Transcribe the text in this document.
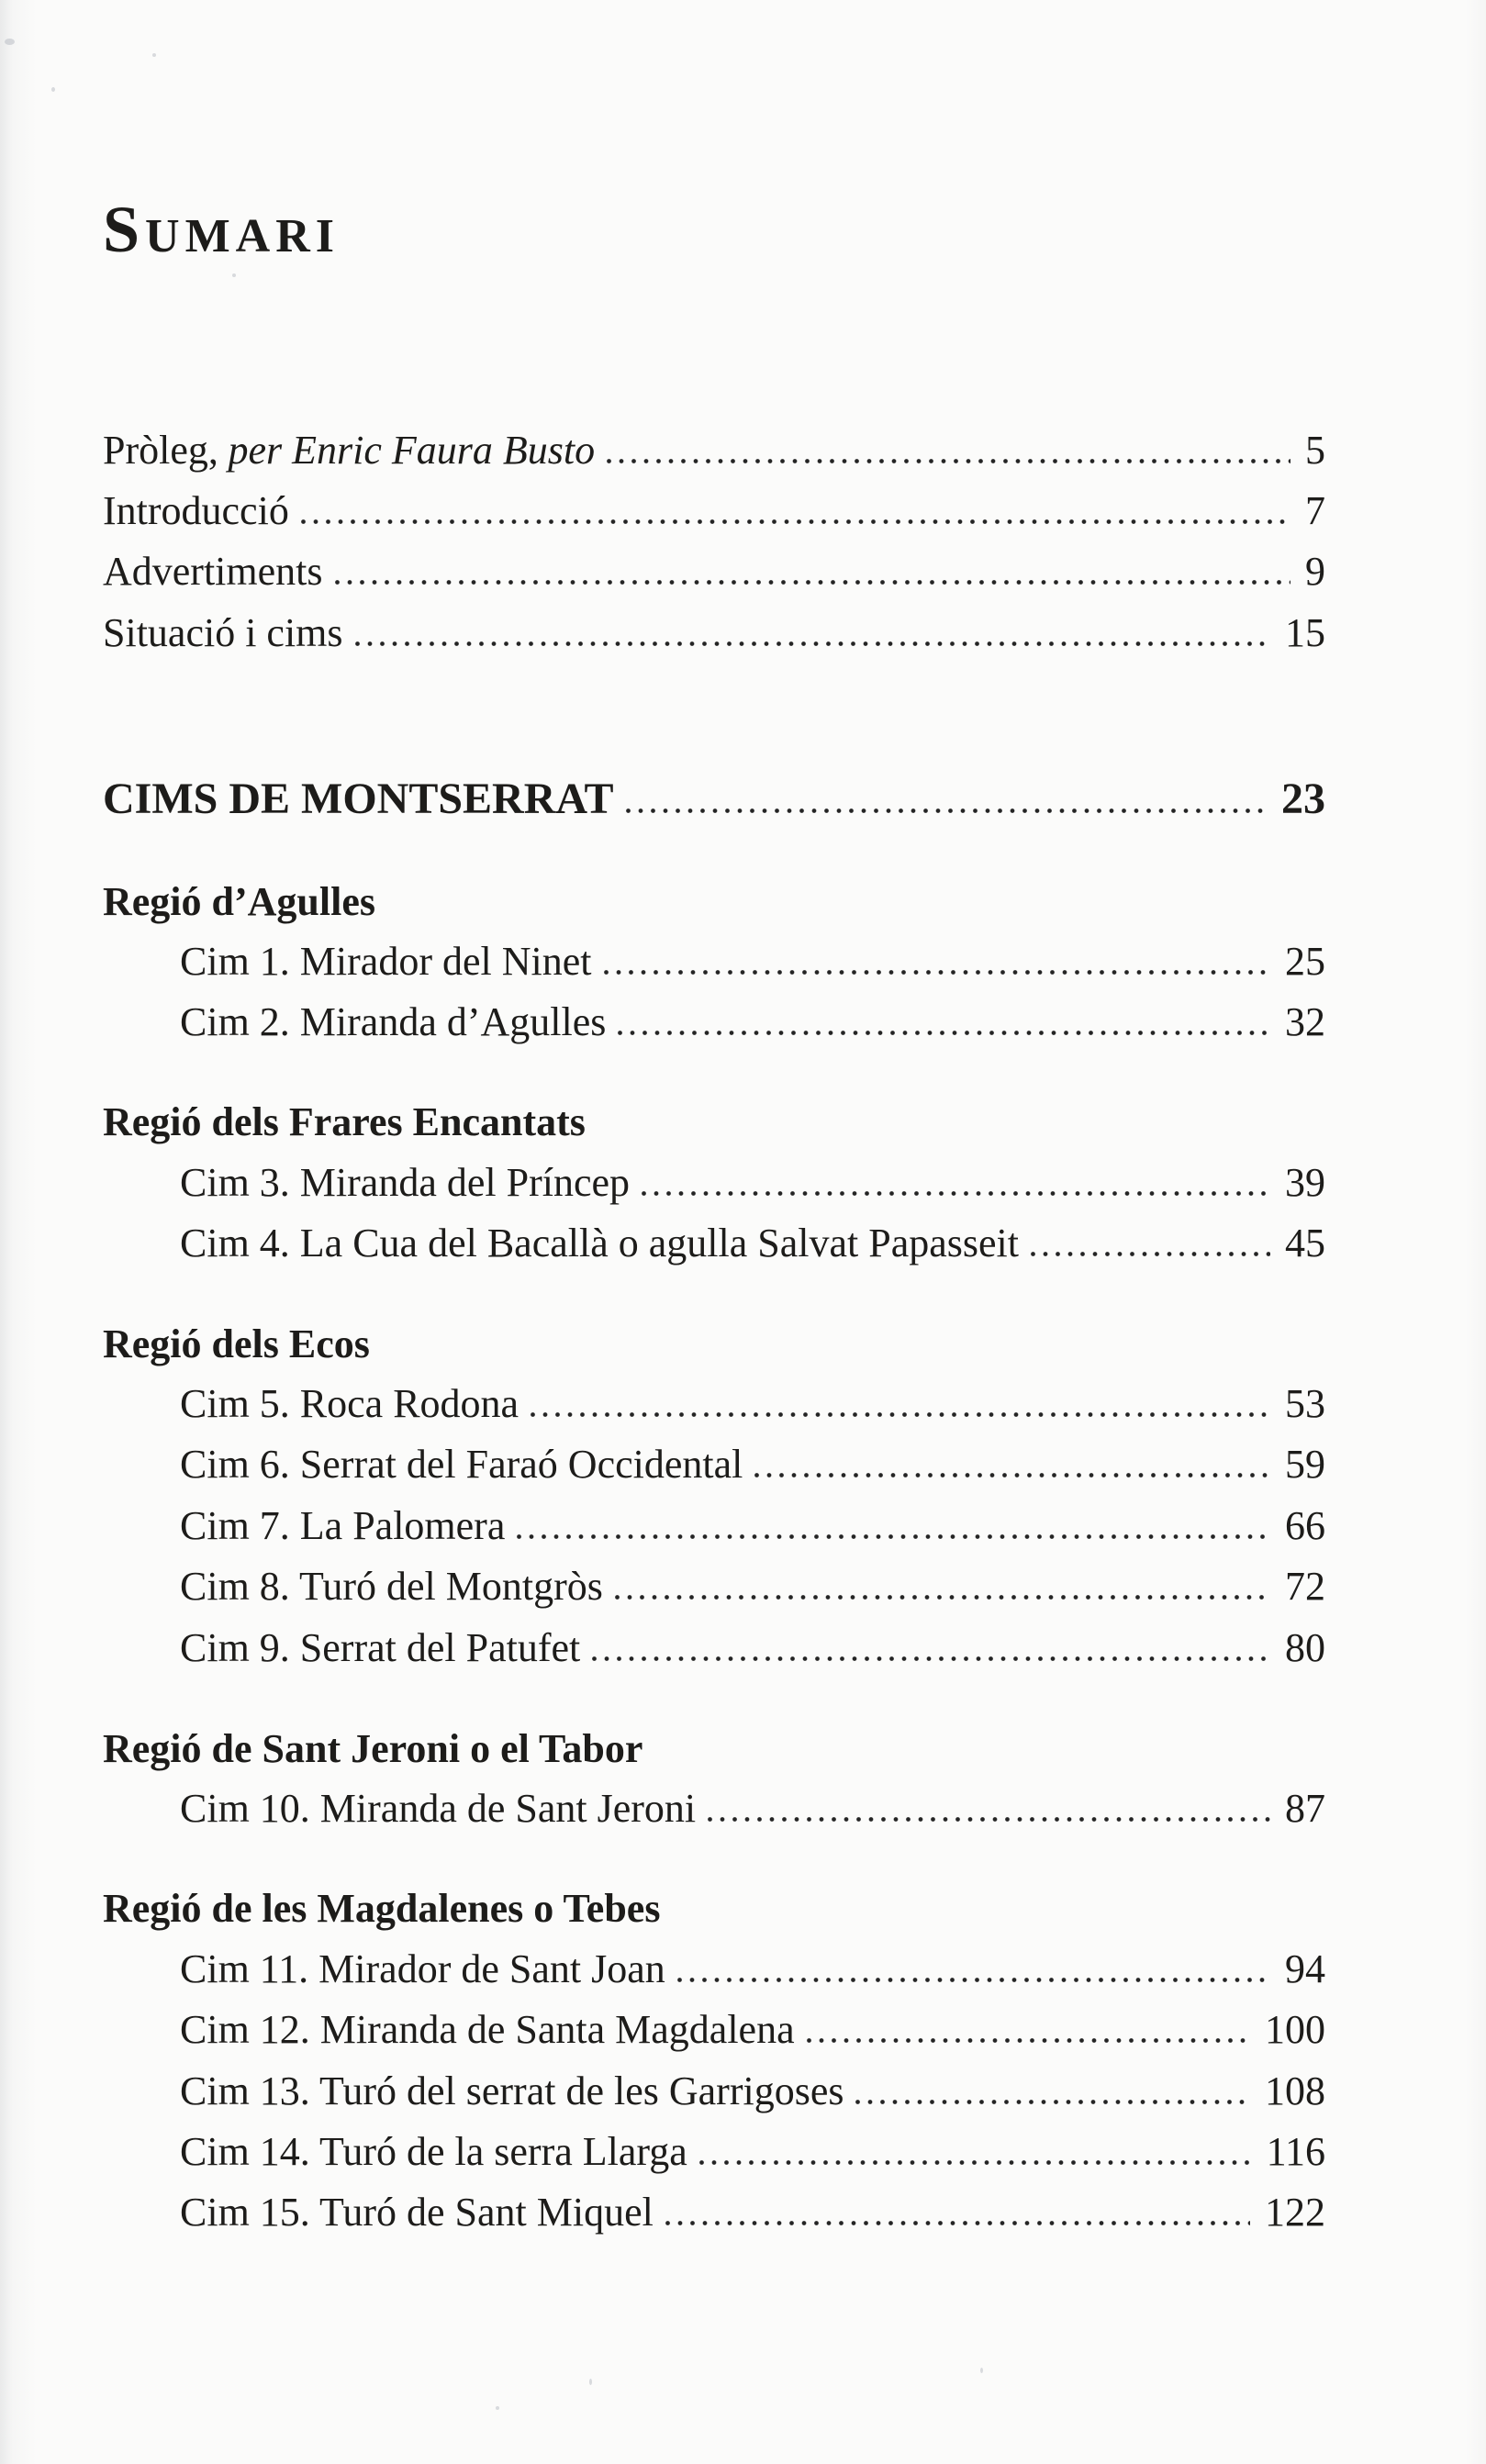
SUMARI
Pròleg, per Enric Faura Busto	5
Introducció	7
Advertiments	9
Situació i cims	15
CIMS DE MONTSERRAT	23
Regió d’Agulles
Cim 1. Mirador del Ninet	25
Cim 2. Miranda d’Agulles	32
Regió dels Frares Encantats
Cim 3. Miranda del Príncep	39
Cim 4. La Cua del Bacallà o agulla Salvat Papasseit	45
Regió dels Ecos
Cim 5. Roca Rodona	53
Cim 6. Serrat del Faraó Occidental	59
Cim 7. La Palomera	66
Cim 8. Turó del Montgròs	72
Cim 9. Serrat del Patufet	80
Regió de Sant Jeroni o el Tabor
Cim 10. Miranda de Sant Jeroni	87
Regió de les Magdalenes o Tebes
Cim 11. Mirador de Sant Joan	94
Cim 12. Miranda de Santa Magdalena	100
Cim 13. Turó del serrat de les Garrigoses	108
Cim 14. Turó de la serra Llarga	116
Cim 15. Turó de Sant Miquel	122
